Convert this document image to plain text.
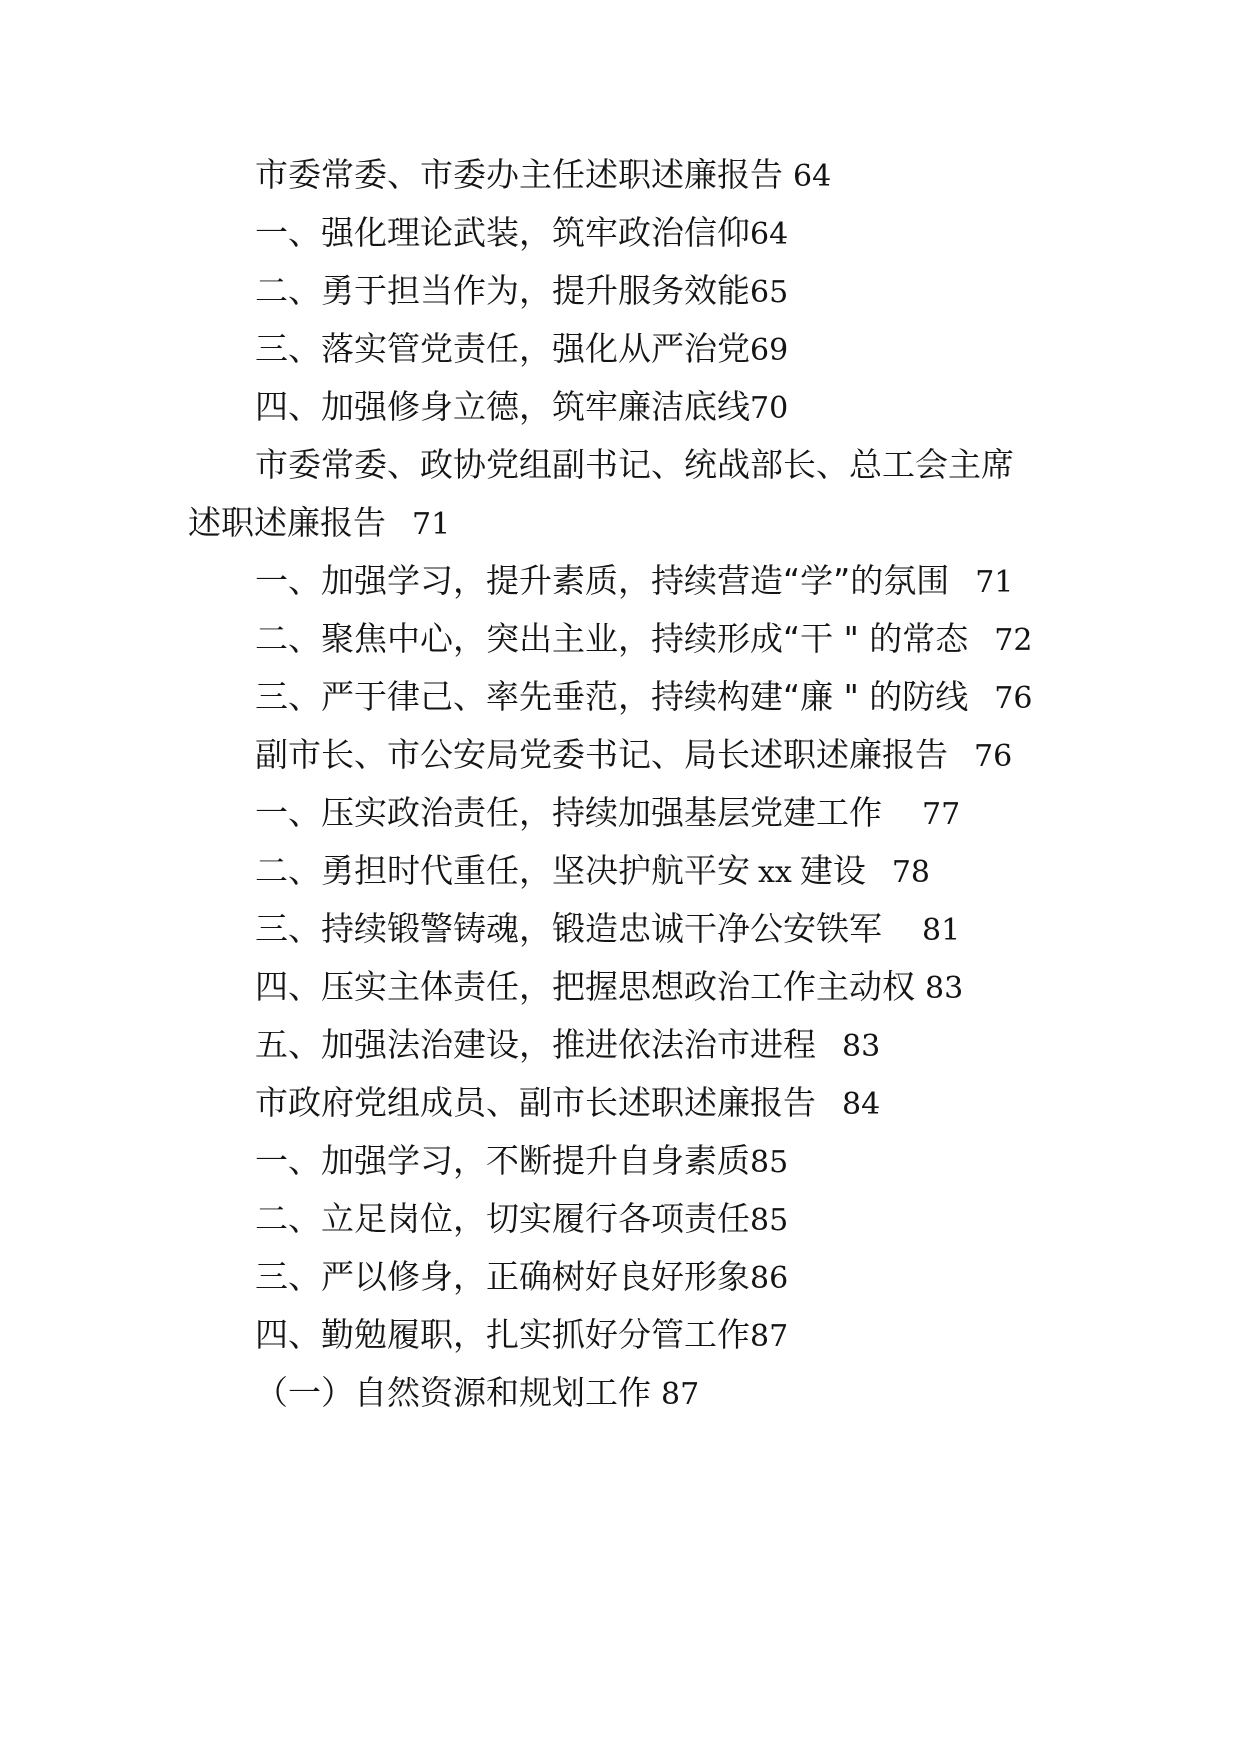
市委常委、市委办主任述职述廉报告 64
一、强化理论武装，筑牢政治信仰64
二、勇于担当作为，提升服务效能65
三、落实管党责任，强化从严治党69
四、加强修身立德，筑牢廉洁底线70
市委常委、政协党组副书记、统战部长、总工会主席
述职述廉报告 71
一、加强学习，提升素质，持续营造“学”的氛围 71
二、聚焦中心，突出主业，持续形成“干 " 的常态 72
三、严于律己、率先垂范，持续构建“廉 " 的防线 76
副市长、市公安局党委书记、局长述职述廉报告 76
一、压实政治责任，持续加强基层党建工作 77
二、勇担时代重任，坚决护航平安 xx 建设 78
三、持续锻警铸魂，锻造忠诚干净公安铁军 81
四、压实主体责任，把握思想政治工作主动权 83
五、加强法治建设，推进依法治市进程 83
市政府党组成员、副市长述职述廉报告 84
一、加强学习，不断提升自身素质85
二、立足岗位，切实履行各项责任85
三、严以修身，正确树好良好形象86
四、勤勉履职，扎实抓好分管工作87
（一）自然资源和规划工作 87
